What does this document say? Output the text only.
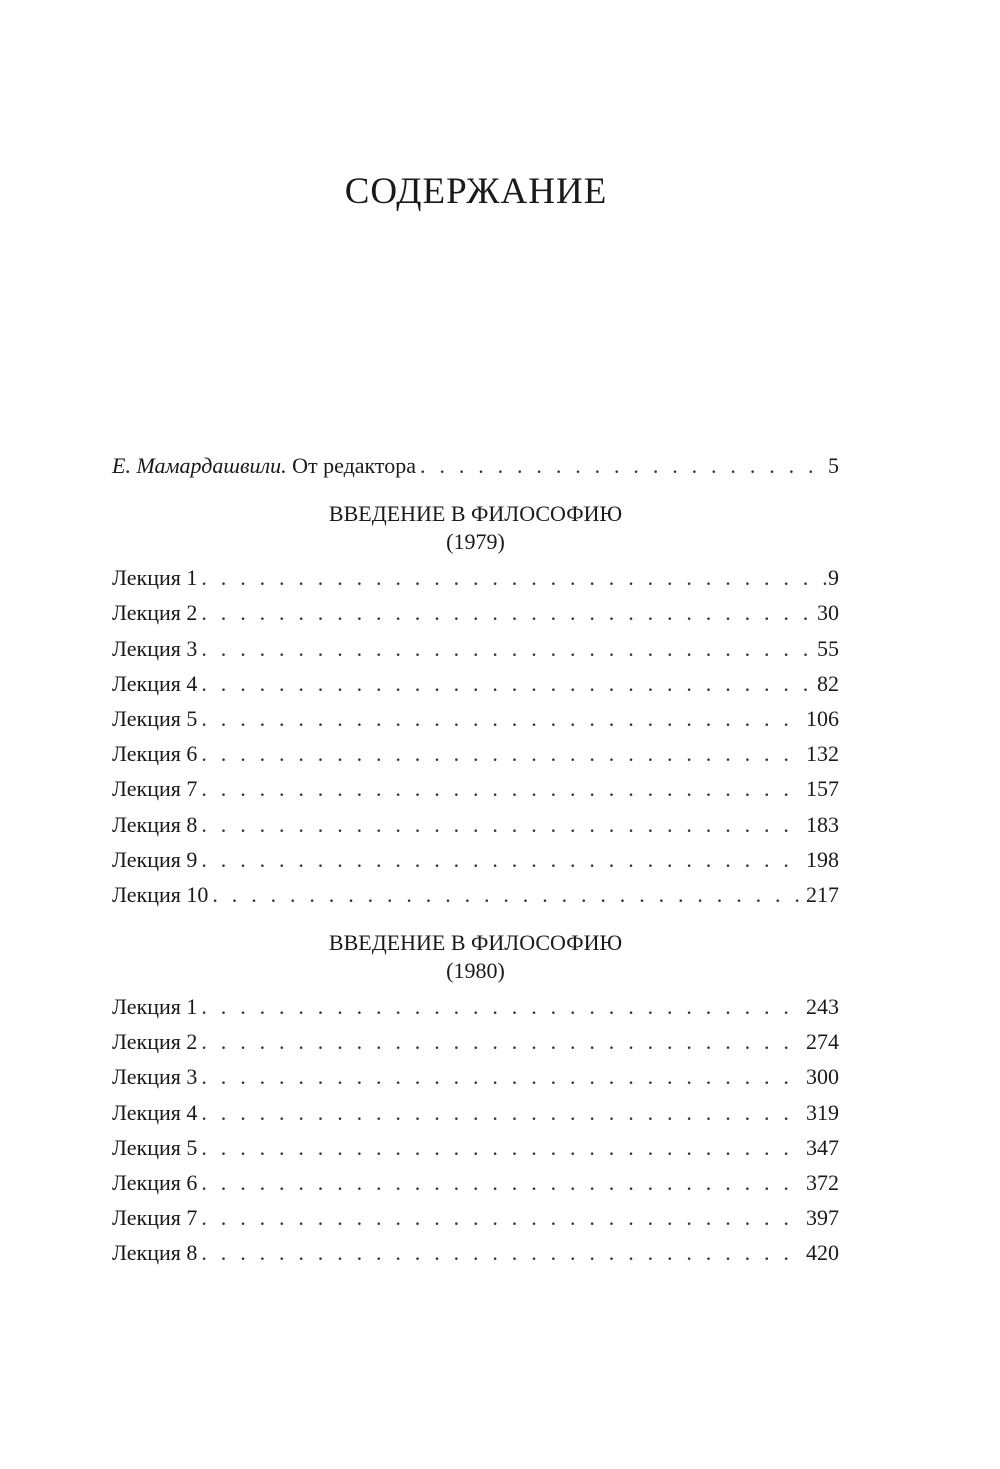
СОДЕРЖАНИЕ
Е. Мамардашвили. От редактора . . .	5
ВВЕДЕНИЕ В ФИЛОСОФИЮ
(1979)
Лекция 1 . . .	9
Лекция 2 . . .	30
Лекция 3 . . .	55
Лекция 4 . . .	82
Лекция 5 . . .	106
Лекция 6 . . .	132
Лекция 7 . . .	157
Лекция 8 . . .	183
Лекция 9 . . .	198
Лекция 10 . . .	217
ВВЕДЕНИЕ В ФИЛОСОФИЮ
(1980)
Лекция 1 . . .	243
Лекция 2 . . .	274
Лекция 3 . . .	300
Лекция 4 . . .	319
Лекция 5 . . .	347
Лекция 6 . . .	372
Лекция 7 . . .	397
Лекция 8 . . .	420
